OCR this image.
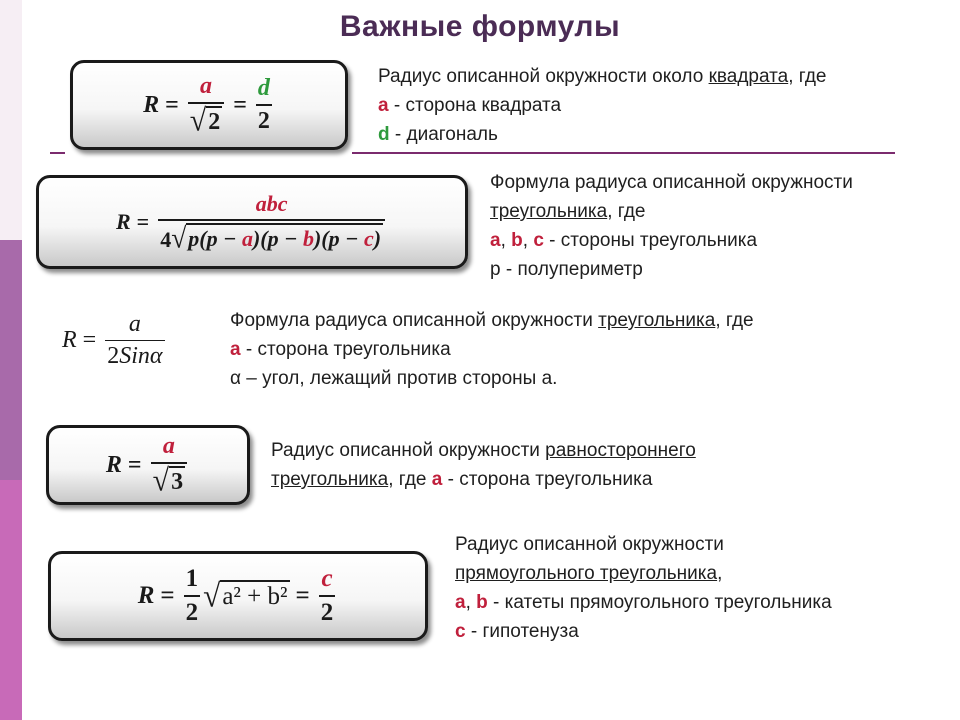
Важные формулы
$R = \frac{a}{√ 2} = \frac{d}{2}$	Радиус описанной окружности около квадрата, где
a - сторона квадрата
d - диагональ
$R = \frac{\text{abc}}{4 √ p(p - a)(p - b)(p - c)}$
Формула радиуса описанной окружности
треугольника, где
a, b, c - стороны треугольника
р - полупериметр
$R = \frac{a}{\text{2Sinα}}$	Формула радиуса описанной окружности треугольника, где
a - сторона треугольника
α – угол, лежащий против стороны а.
$R = \frac{a}{√ 3}$	Радиус описанной окружности равностороннего
треугольника, где a - сторона треугольника
$R = \frac{1}{2}$ √ $a^2 + b^2 = \frac{c}{2}$
Радиус описанной окружности
прямоугольного треугольника,
a, b - катеты прямоугольного треугольника
c - гипотенуза
